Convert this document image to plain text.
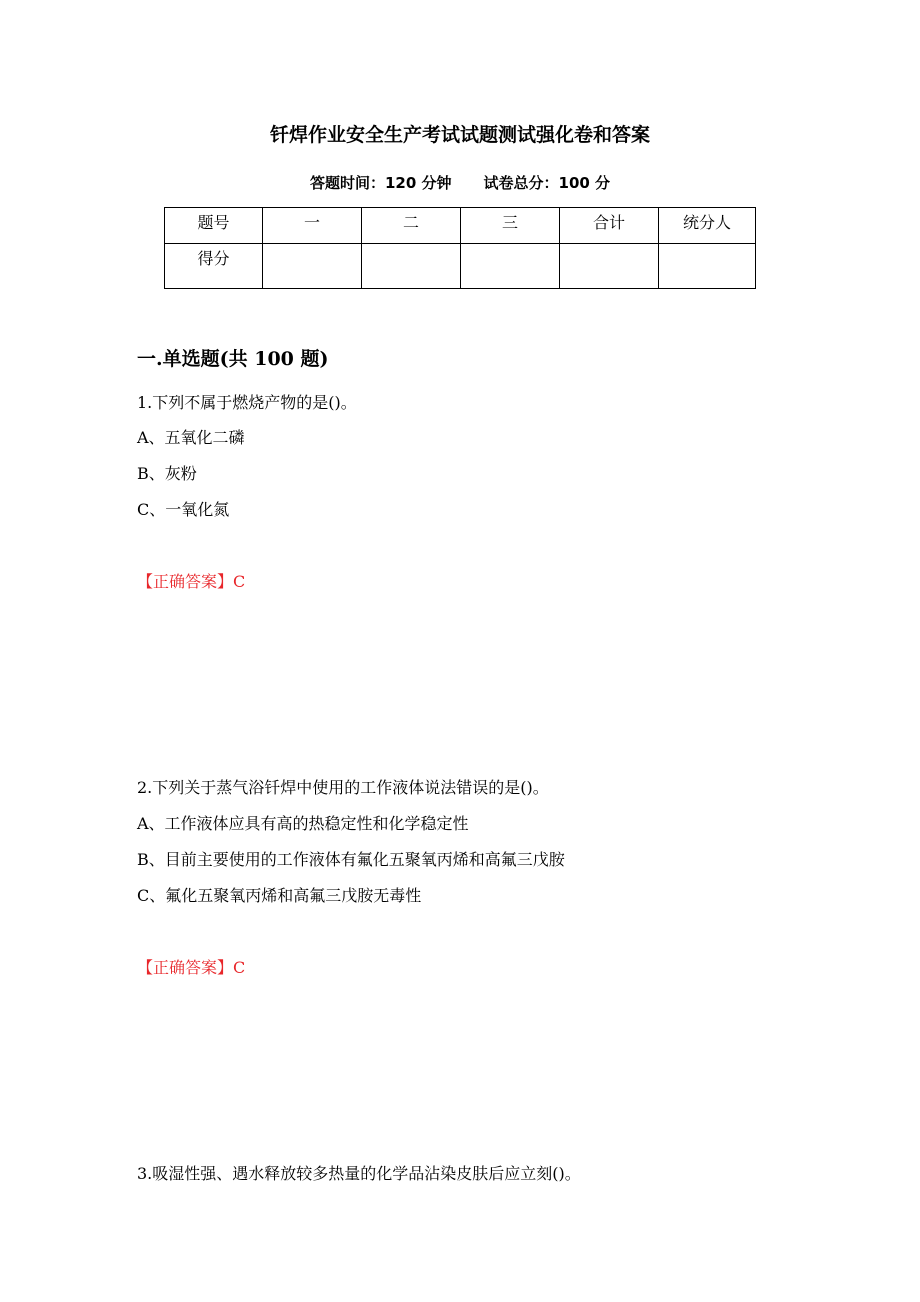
钎焊作业安全生产考试试题测试强化卷和答案
答题时间：120 分钟 试卷总分：100 分
题号	一	二	三	合计	统分人
得分					
一.单选题(共 100 题)
1.下列不属于燃烧产物的是()。
A、五氧化二磷
B、灰粉
C、一氧化氮
【正确答案】C
2.下列关于蒸气浴钎焊中使用的工作液体说法错误的是()。
A、工作液体应具有高的热稳定性和化学稳定性
B、目前主要使用的工作液体有氟化五聚氧丙烯和高氟三戊胺
C、氟化五聚氧丙烯和高氟三戊胺无毒性
【正确答案】C
3.吸湿性强、遇水释放较多热量的化学品沾染皮肤后应立刻()。
